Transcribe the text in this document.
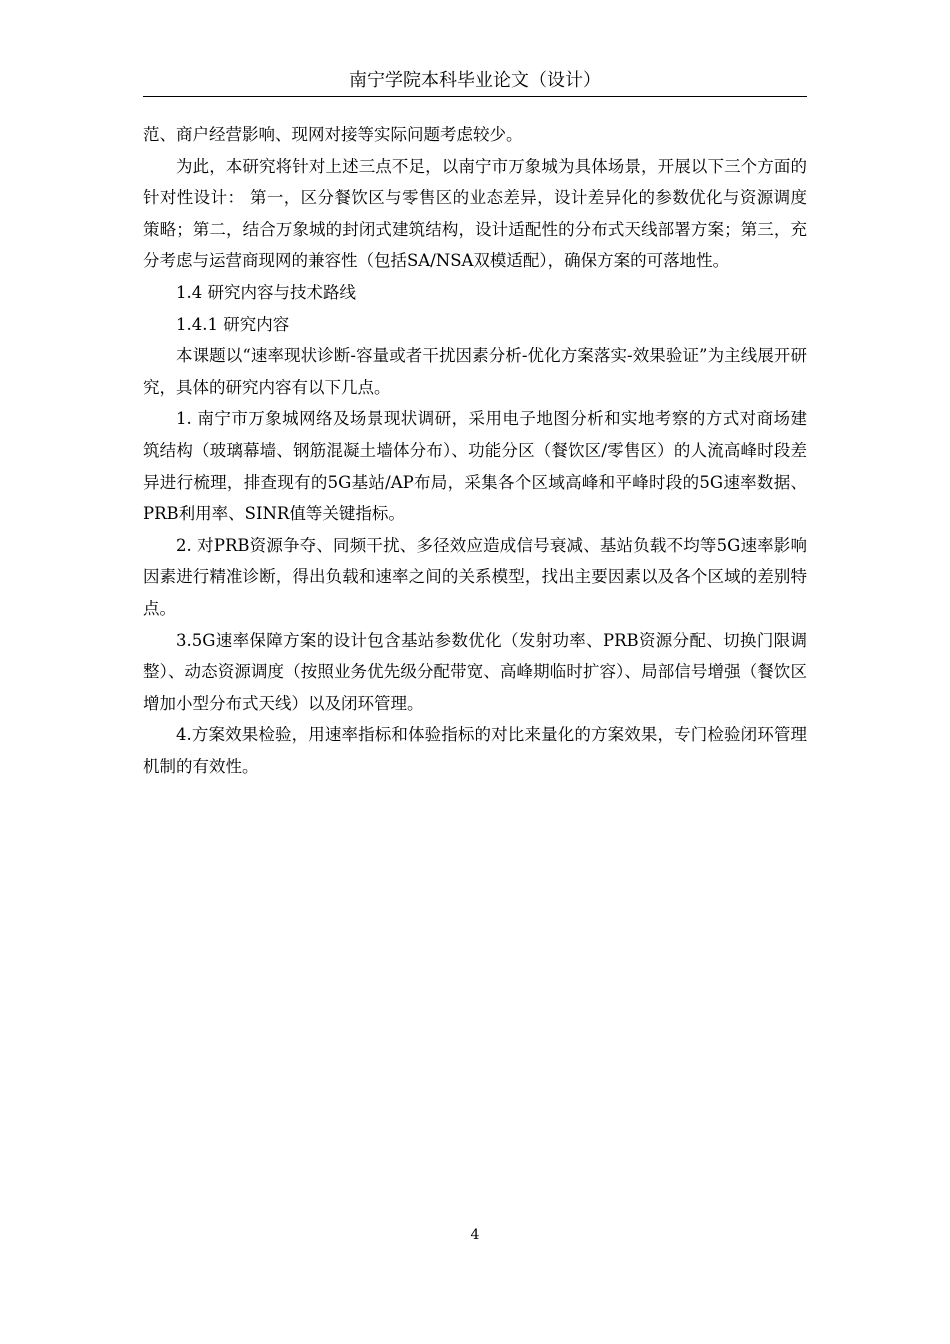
南宁学院本科毕业论文（设计）

范、商户经营影响、现网对接等实际问题考虑较少。

为此，本研究将针对上述三点不足，以南宁市万象城为具体场景，开展以下三个方面的针对性设计： 第一，区分餐饮区与零售区的业态差异，设计差异化的参数优化与资源调度策略；第二，结合万象城的封闭式建筑结构，设计适配性的分布式天线部署方案；第三，充分考虑与运营商现网的兼容性（包括SA/NSA双模适配），确保方案的可落地性。

1.4 研究内容与技术路线

1.4.1 研究内容

本课题以“速率现状诊断-容量或者干扰因素分析-优化方案落实-效果验证”为主线展开研究，具体的研究内容有以下几点。

1. 南宁市万象城网络及场景现状调研，采用电子地图分析和实地考察的方式对商场建筑结构（玻璃幕墙、钢筋混凝土墙体分布）、功能分区（餐饮区/零售区）的人流高峰时段差异进行梳理，排查现有的5G基站/AP布局，采集各个区域高峰和平峰时段的5G速率数据、PRB利用率、SINR值等关键指标。

2. 对PRB资源争夺、同频干扰、多径效应造成信号衰减、基站负载不均等5G速率影响因素进行精准诊断，得出负载和速率之间的关系模型，找出主要因素以及各个区域的差别特点。

3.5G速率保障方案的设计包含基站参数优化（发射功率、PRB资源分配、切换门限调整）、动态资源调度（按照业务优先级分配带宽、高峰期临时扩容）、局部信号增强（餐饮区增加小型分布式天线）以及闭环管理。

4.方案效果检验，用速率指标和体验指标的对比来量化的方案效果，专门检验闭环管理机制的有效性。

4
